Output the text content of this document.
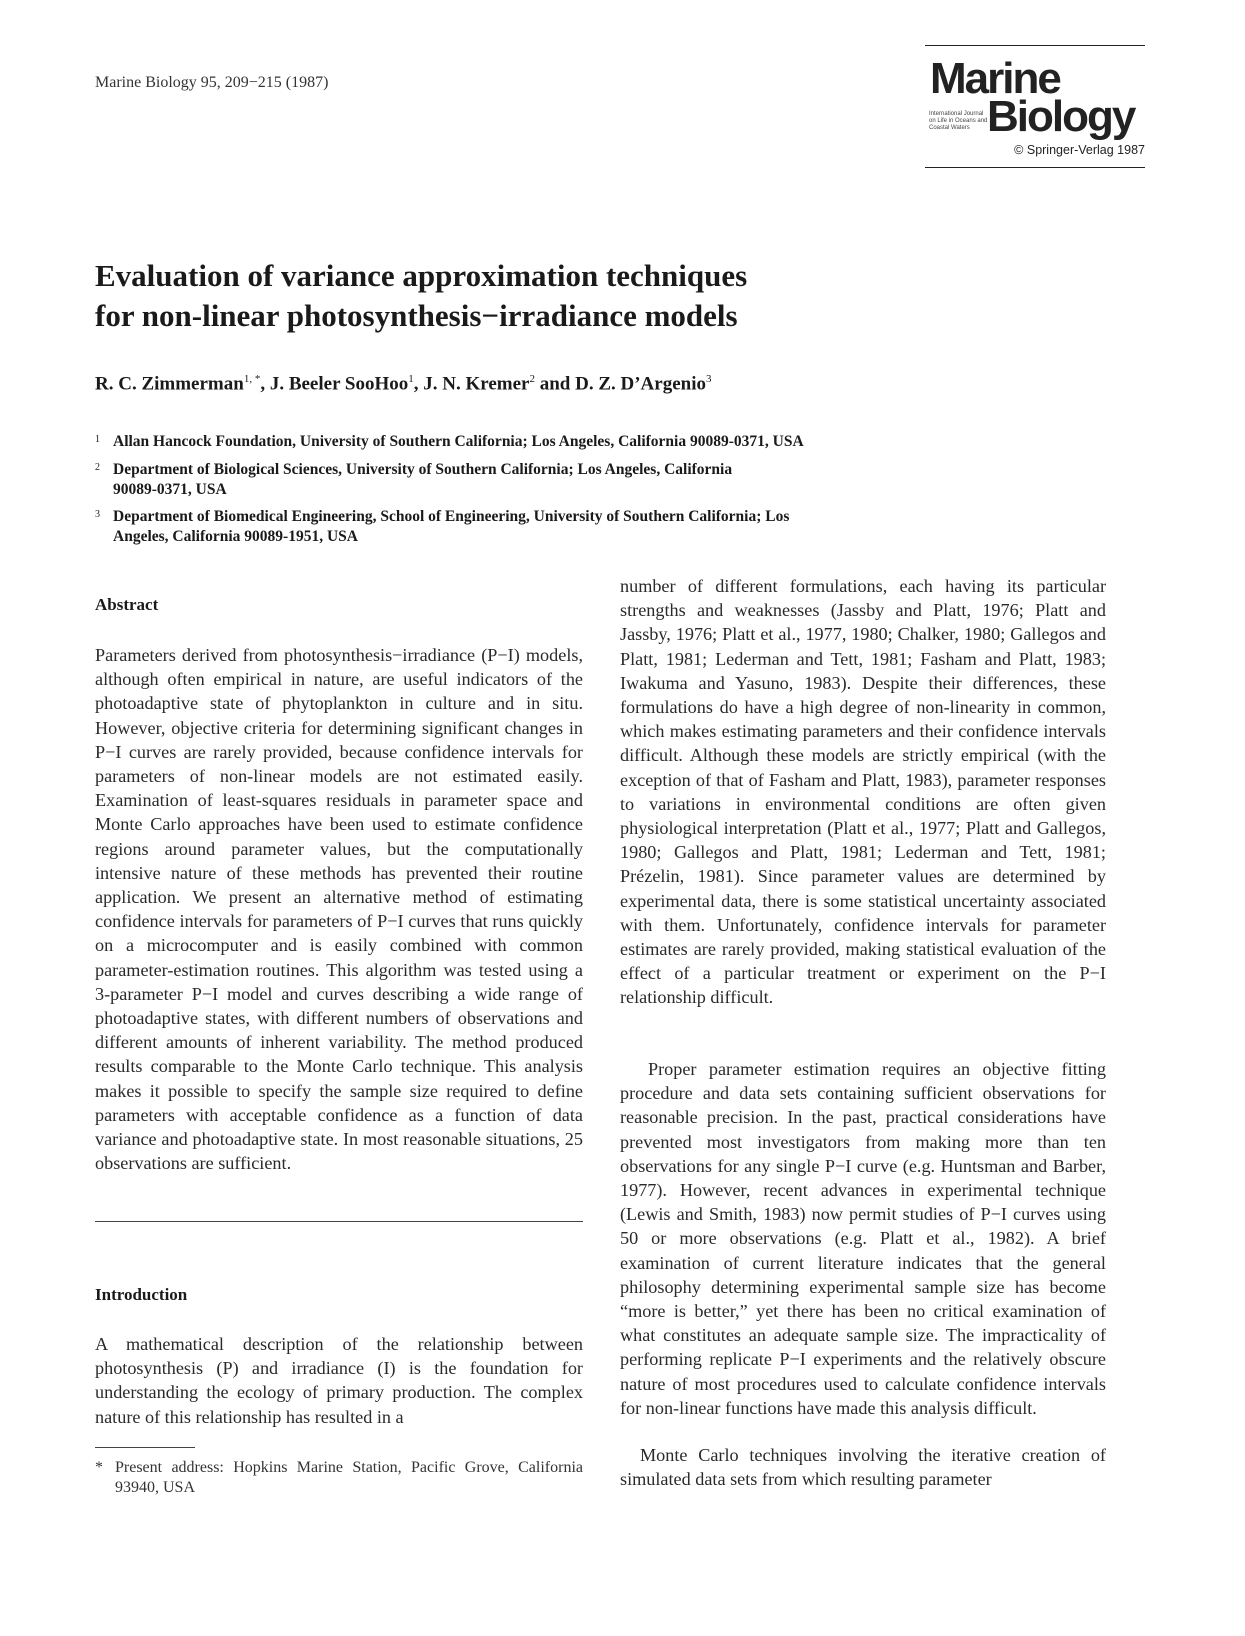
Marine Biology 95, 209−215 (1987)	Marine
International Journal on Life in Oceans and Coastal Waters Biology
© Springer-Verlag 1987
Evaluation of variance approximation techniques
for non-linear photosynthesis−irradiance models
R. C. Zimmerman$^{1, *}$, J. Beeler SooHoo$^1$, J. N. Kremer$^2$ and D. Z. D’Argenio$^3$
1 Allan Hancock Foundation, University of Southern California; Los Angeles, California 90089-0371, USA
2 Department of Biological Sciences, University of Southern California; Los Angeles, California 90089-0371, USA
3 Department of Biomedical Engineering, School of Engineering, University of Southern California; Los Angeles, California 90089-1951, USA
Abstract
Parameters derived from photosynthesis−irradiance (P−I) models, although often empirical in nature, are useful indicators of the photoadaptive state of phytoplankton in culture and in situ. However, objective criteria for determining significant changes in P−I curves are rarely provided, because confidence intervals for parameters of non-linear models are not estimated easily. Examination of least-squares residuals in parameter space and Monte Carlo approaches have been used to estimate confidence regions around parameter values, but the computationally intensive nature of these methods has prevented their routine application. We present an alternative method of estimating confidence intervals for parameters of P−I curves that runs quickly on a microcomputer and is easily combined with common parameter-estimation routines. This algorithm was tested using a 3-parameter P−I model and curves describing a wide range of photoadaptive states, with different numbers of observations and different amounts of inherent variability. The method produced results comparable to the Monte Carlo technique. This analysis makes it possible to specify the sample size required to define parameters with acceptable confidence as a function of data variance and photoadaptive state. In most reasonable situations, 25 observations are sufficient.
Introduction
A mathematical description of the relationship between photosynthesis (P) and irradiance (I) is the foundation for understanding the ecology of primary production. The complex nature of this relationship has resulted in a
* Present address: Hopkins Marine Station, Pacific Grove, California 93940, USA
number of different formulations, each having its particular strengths and weaknesses (Jassby and Platt, 1976; Platt and Jassby, 1976; Platt et al., 1977, 1980; Chalker, 1980; Gallegos and Platt, 1981; Lederman and Tett, 1981; Fasham and Platt, 1983; Iwakuma and Yasuno, 1983). Despite their differences, these formulations do have a high degree of non-linearity in common, which makes estimating parameters and their confidence intervals difficult. Although these models are strictly empirical (with the exception of that of Fasham and Platt, 1983), parameter responses to variations in environmental conditions are often given physiological interpretation (Platt et al., 1977; Platt and Gallegos, 1980; Gallegos and Platt, 1981; Lederman and Tett, 1981; Prézelin, 1981). Since parameter values are determined by experimental data, there is some statistical uncertainty associated with them. Unfortunately, confidence intervals for parameter estimates are rarely provided, making statistical evaluation of the effect of a particular treatment or experiment on the P−I relationship difficult.
Proper parameter estimation requires an objective fitting procedure and data sets containing sufficient observations for reasonable precision. In the past, practical considerations have prevented most investigators from making more than ten observations for any single P−I curve (e.g. Huntsman and Barber, 1977). However, recent advances in experimental technique (Lewis and Smith, 1983) now permit studies of P−I curves using 50 or more observations (e.g. Platt et al., 1982). A brief examination of current literature indicates that the general philosophy determining experimental sample size has become “more is better,” yet there has been no critical examination of what constitutes an adequate sample size. The impracticality of performing replicate P−I experiments and the relatively obscure nature of most procedures used to calculate confidence intervals for non-linear functions have made this analysis difficult.
Monte Carlo techniques involving the iterative creation of simulated data sets from which resulting parameter
